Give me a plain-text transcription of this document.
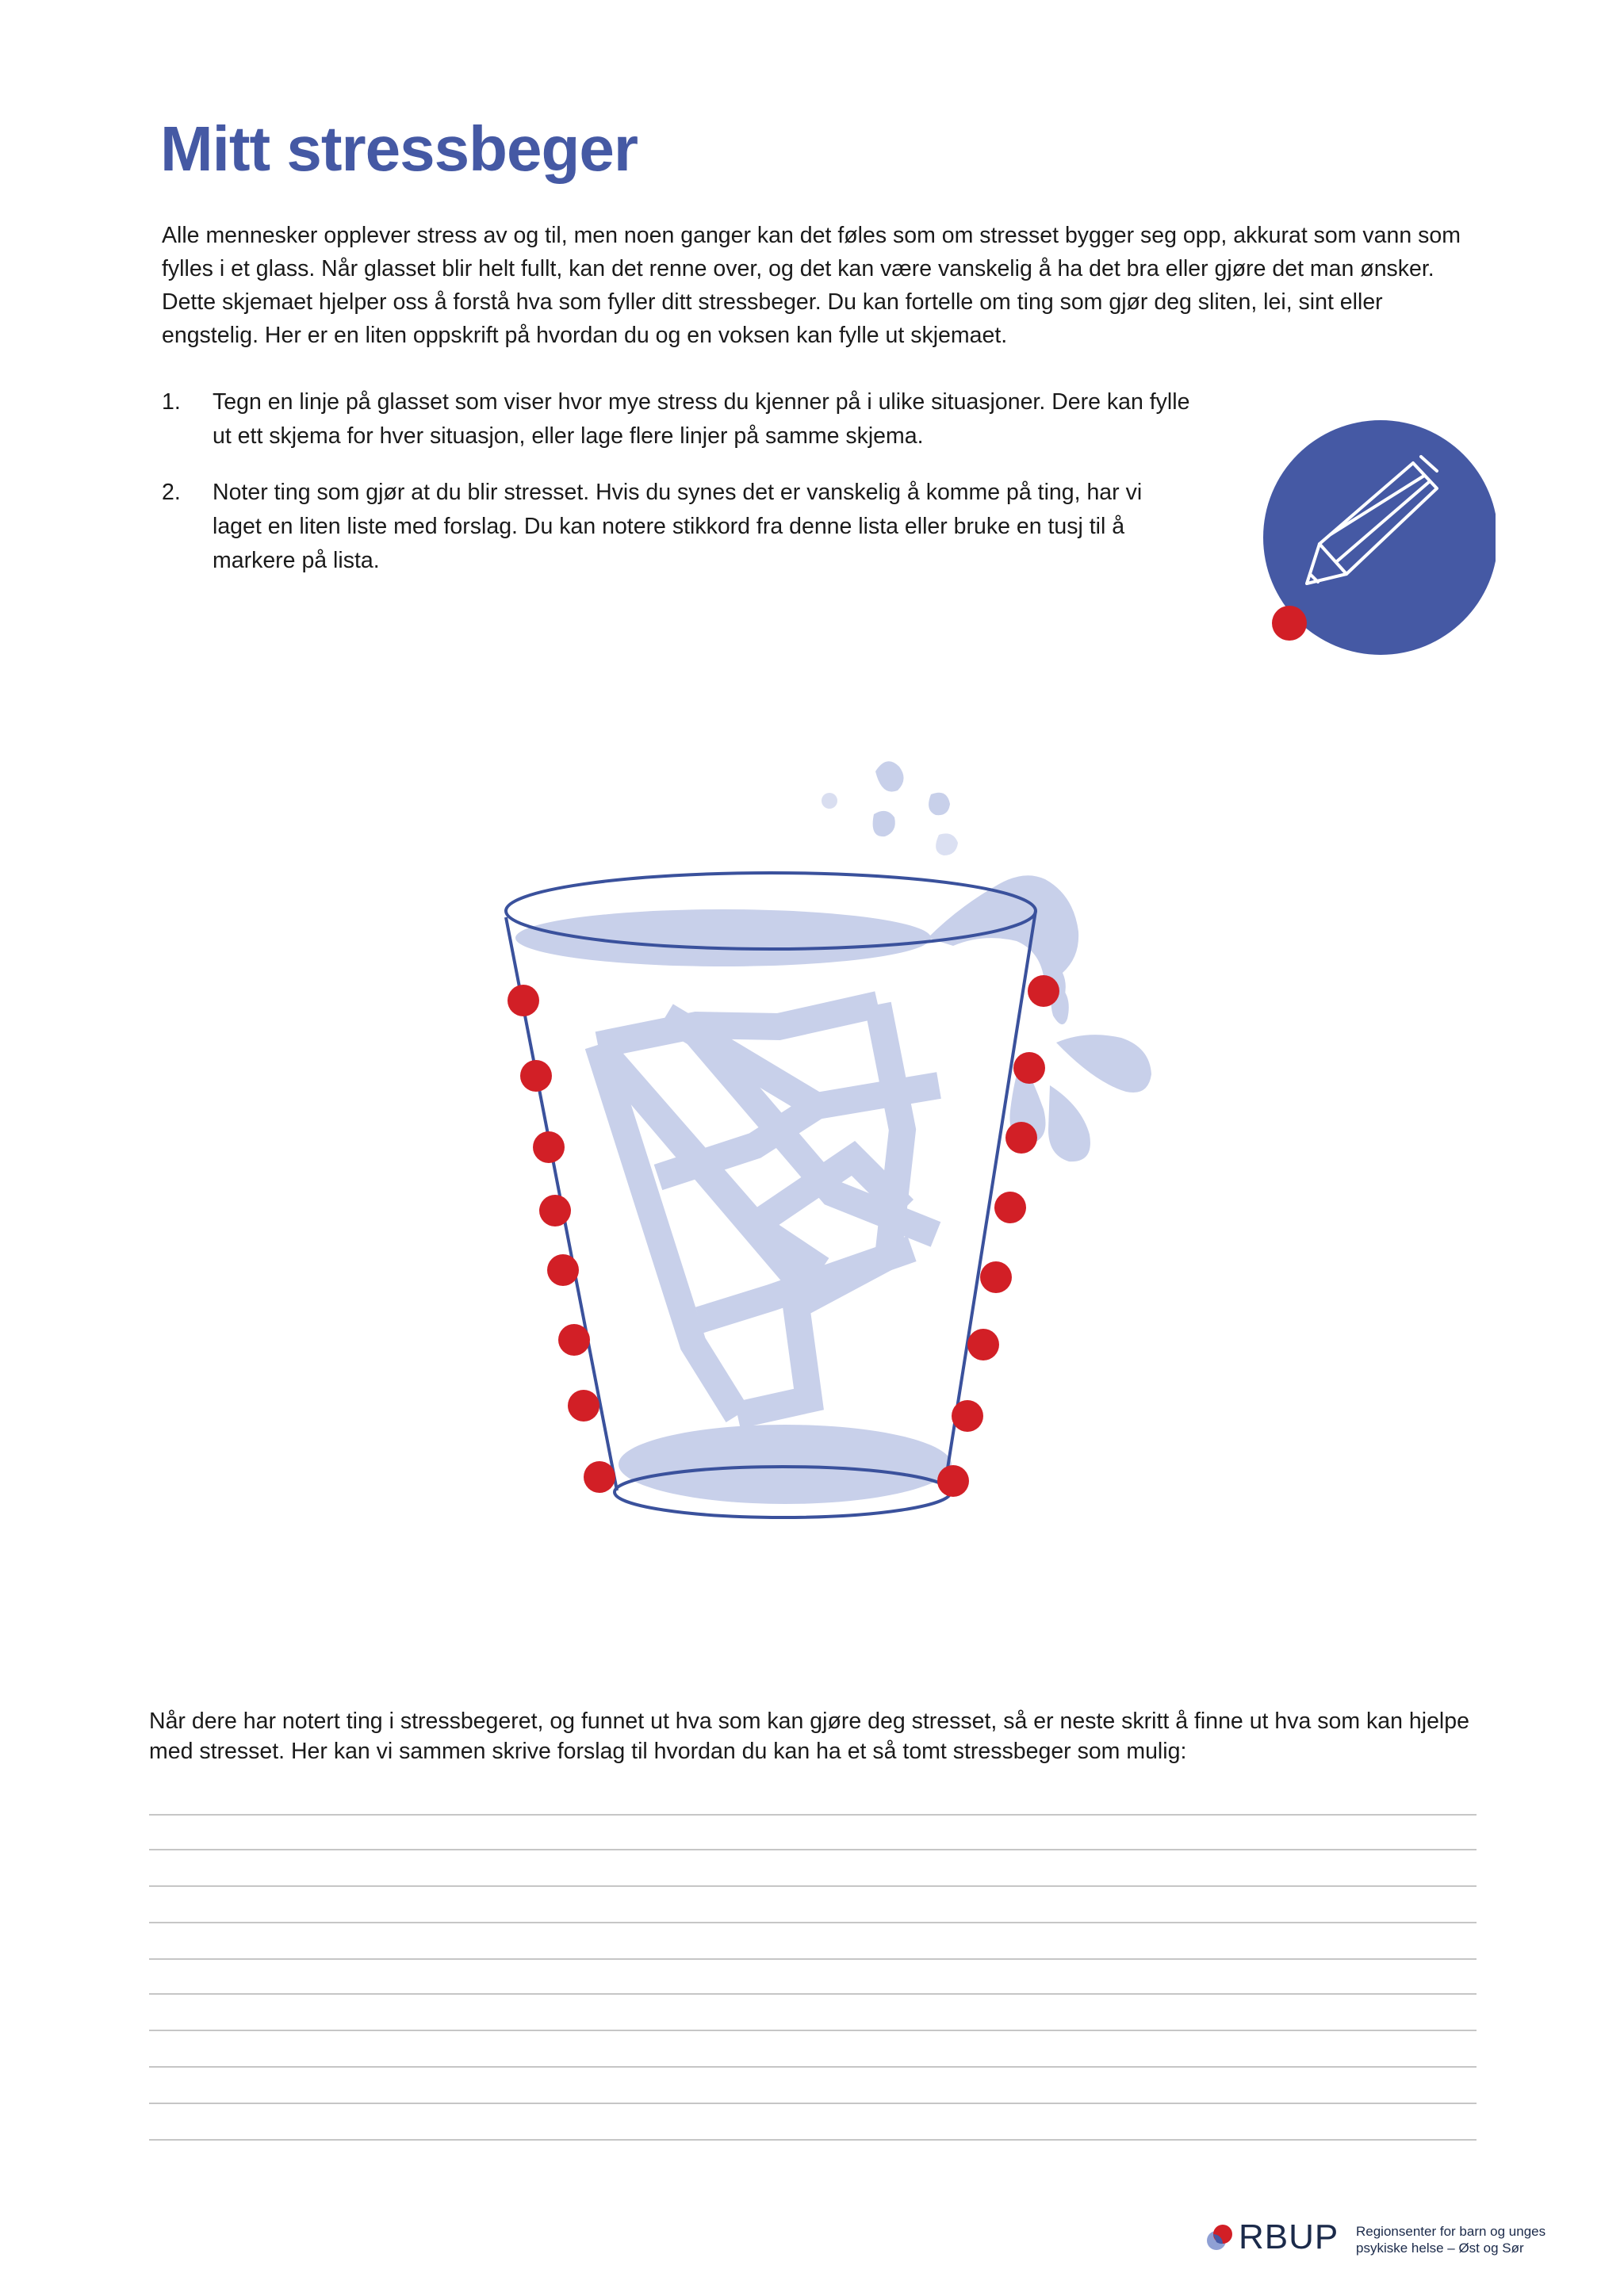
Mitt stressbeger

Alle mennesker opplever stress av og til, men noen ganger kan det føles som om stresset bygger seg opp, akkurat som vann som fylles i et glass. Når glasset blir helt fullt, kan det renne over, og det kan være vanskelig å ha det bra eller gjøre det man ønsker. Dette skjemaet hjelper oss å forstå hva som fyller ditt stressbeger. Du kan fortelle om ting som gjør deg sliten, lei, sint eller engstelig. Her er en liten oppskrift på hvordan du og en voksen kan fylle ut skjemaet.

1. Tegn en linje på glasset som viser hvor mye stress du kjenner på i ulike situasjoner. Dere kan fylle ut ett skjema for hver situasjon, eller lage flere linjer på samme skjema.
2. Noter ting som gjør at du blir stresset. Hvis du synes det er vanskelig å komme på ting, har vi laget en liten liste med forslag. Du kan notere stikkord fra denne lista eller bruke en tusj til å markere på lista.

Når dere har notert ting i stressbegeret, og funnet ut hva som kan gjøre deg stresset, så er neste skritt å finne ut hva som kan hjelpe med stresset. Her kan vi sammen skrive forslag til hvordan du kan ha et så tomt stressbeger som mulig:

RBUP Regionsenter for barn og unges
psykiske helse – Øst og Sør
